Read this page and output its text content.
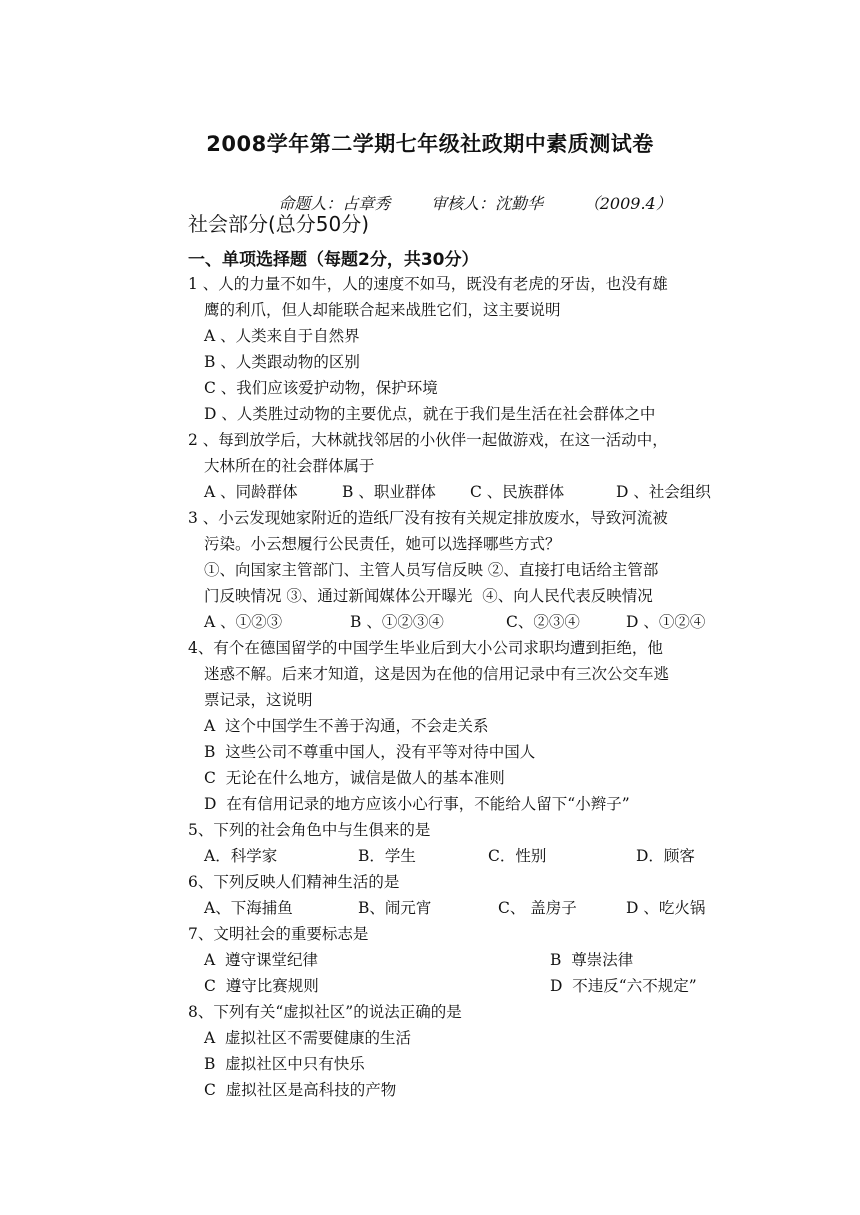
2008学年第二学期七年级社政期中素质测试卷

命题人：占章秀	审核人：沈勤华	（2009.4）

社会部分(总分50分)
一、单项选择题（每题2分，共30分）
1 、人的力量不如牛，人的速度不如马，既没有老虎的牙齿，也没有雄
鹰的利爪，但人却能联合起来战胜它们，这主要说明
A 、人类来自于自然界
B 、人类跟动物的区别
C 、我们应该爱护动物，保护环境
D 、人类胜过动物的主要优点，就在于我们是生活在社会群体之中
2 、每到放学后，大林就找邻居的小伙伴一起做游戏，在这一活动中，
大林所在的社会群体属于

A 、同龄群体

	B 、职业群体

C 、民族群体

	D 、社会组织

3 、小云发现她家附近的造纸厂没有按有关规定排放废水，导致河流被
污染。小云想履行公民责任，她可以选择哪些方式？
①、向国家主管部门、主管人员写信反映 ②、直接打电话给主管部
门反映情况 ③、通过新闻媒体公开曝光  ④、向人民代表反映情况

A 、①②③

	B 、①②③④

	C、②③④

	D 、①②④

4、有个在德国留学的中国学生毕业后到大小公司求职均遭到拒绝，他
迷惑不解。后来才知道，这是因为在他的信用记录中有三次公交车逃
票记录，这说明
A  这个中国学生不善于沟通，不会走关系
B  这些公司不尊重中国人，没有平等对待中国人
C  无论在什么地方，诚信是做人的基本准则
D  在有信用记录的地方应该小心行事，不能给人留下“小辫子”
5、下列的社会角色中与生俱来的是

A．科学家

	B．学生

	C．性别

	D．顾客

6、下列反映人们精神生活的是

A、下海捕鱼

	B、闹元宵

	C、 盖房子

	D 、吃火锅

7、文明社会的重要标志是

A  遵守课堂纪律

	B  尊崇法律

C  遵守比赛规则

	D  不违反“六不规定”

8、下列有关“虚拟社区”的说法正确的是
A  虚拟社区不需要健康的生活
B  虚拟社区中只有快乐
C  虚拟社区是高科技的产物
